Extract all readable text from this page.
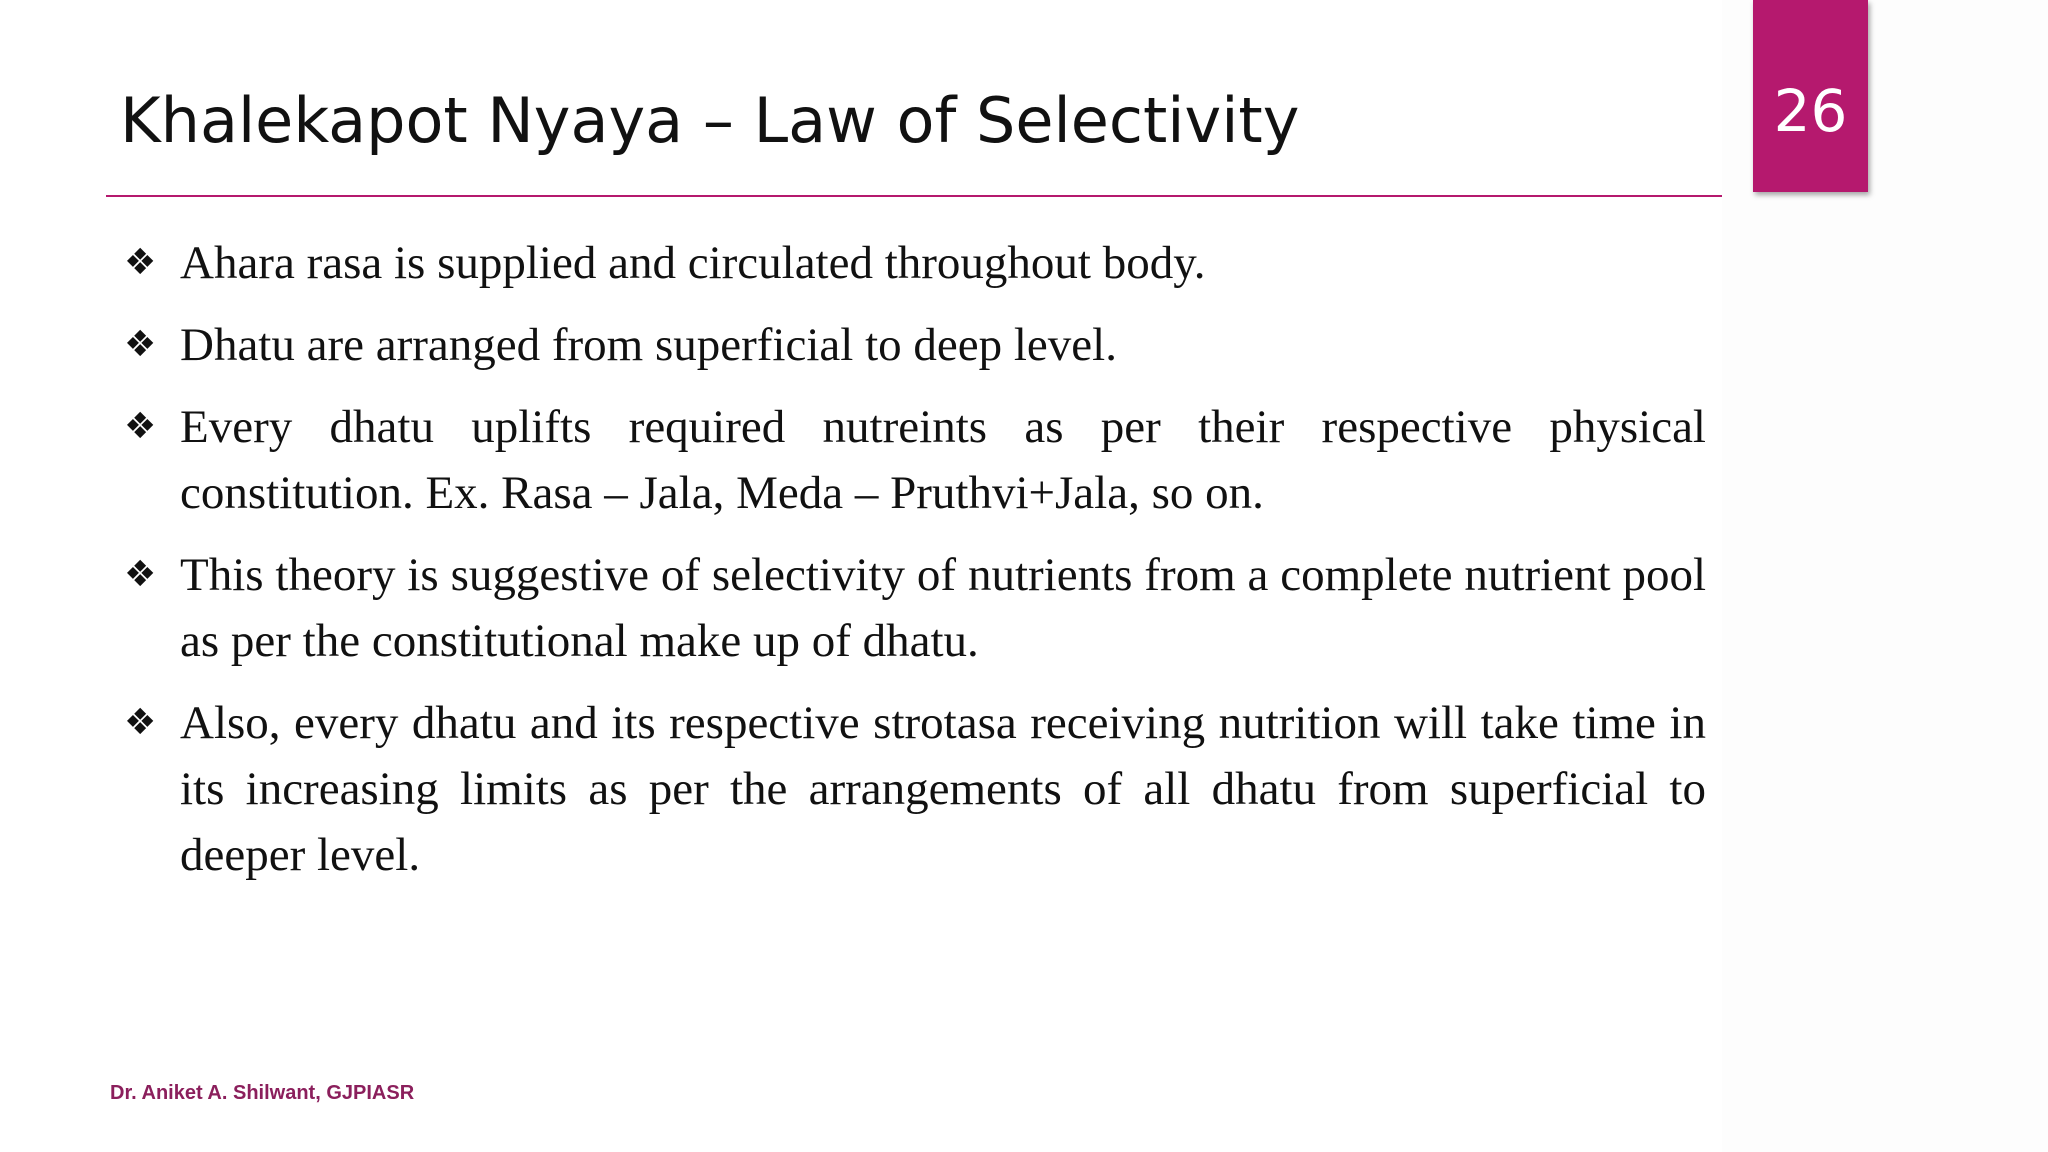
26
Khalekapot Nyaya – Law of Selectivity
❖ Ahara rasa is supplied and circulated throughout body.
❖ Dhatu are arranged from superficial to deep level.
❖ Every dhatu uplifts required nutreints as per their respective physical constitution. Ex. Rasa – Jala, Meda – Pruthvi+Jala, so on.
❖ This theory is suggestive of selectivity of nutrients from a complete nutrient pool as per the constitutional make up of dhatu.
❖ Also, every dhatu and its respective strotasa receiving nutrition will take time in its increasing limits as per the arrangements of all dhatu from superficial to deeper level.
Dr. Aniket A. Shilwant, GJPIASR
